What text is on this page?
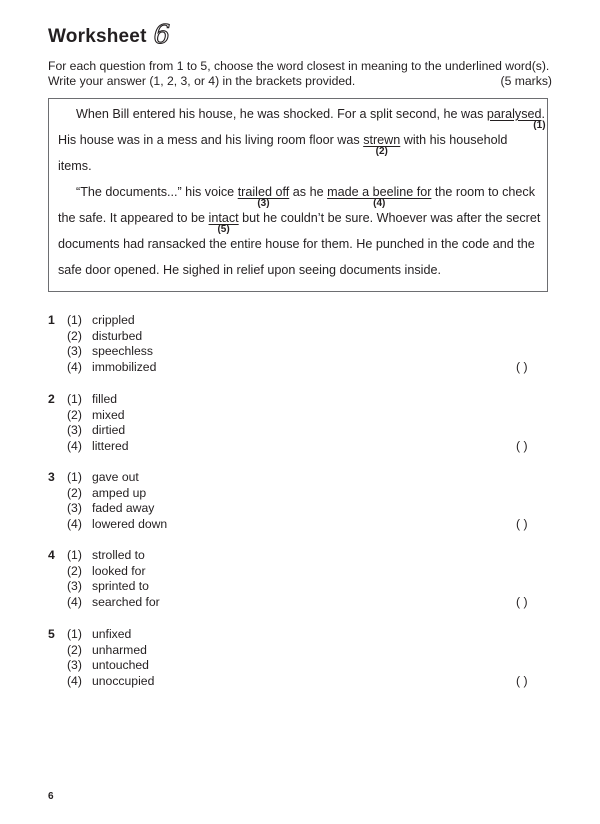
Worksheet 6
For each question from 1 to 5, choose the word closest in meaning to the underlined word(s).
Write your answer (1, 2, 3, or 4) in the brackets provided.	(5 marks)
When Bill entered his house, he was shocked. For a split second, he was paralysed
(1)
.
His house was in a mess and his living room floor was strewn
(2)
with his household
items.
“The documents...” his voice trailed off
(3)
as he made a beeline for
(4)
the room to check
the safe. It appeared to be intact
(5)
but he couldn’t be sure. Whoever was after the secret
documents had ransacked the entire house for them. He punched in the code and the
safe door opened. He sighed in relief upon seeing documents inside.
1 (1) crippled
(2) disturbed
(3) speechless
(4) immobilized	( )
2 (1) filled
(2) mixed
(3) dirtied
(4) littered	( )
3 (1) gave out
(2) amped up
(3) faded away
(4) lowered down	( )
4 (1) strolled to
(2) looked for
(3) sprinted to
(4) searched for	( )
5 (1) unfixed
(2) unharmed
(3) untouched
(4) unoccupied	( )
6
